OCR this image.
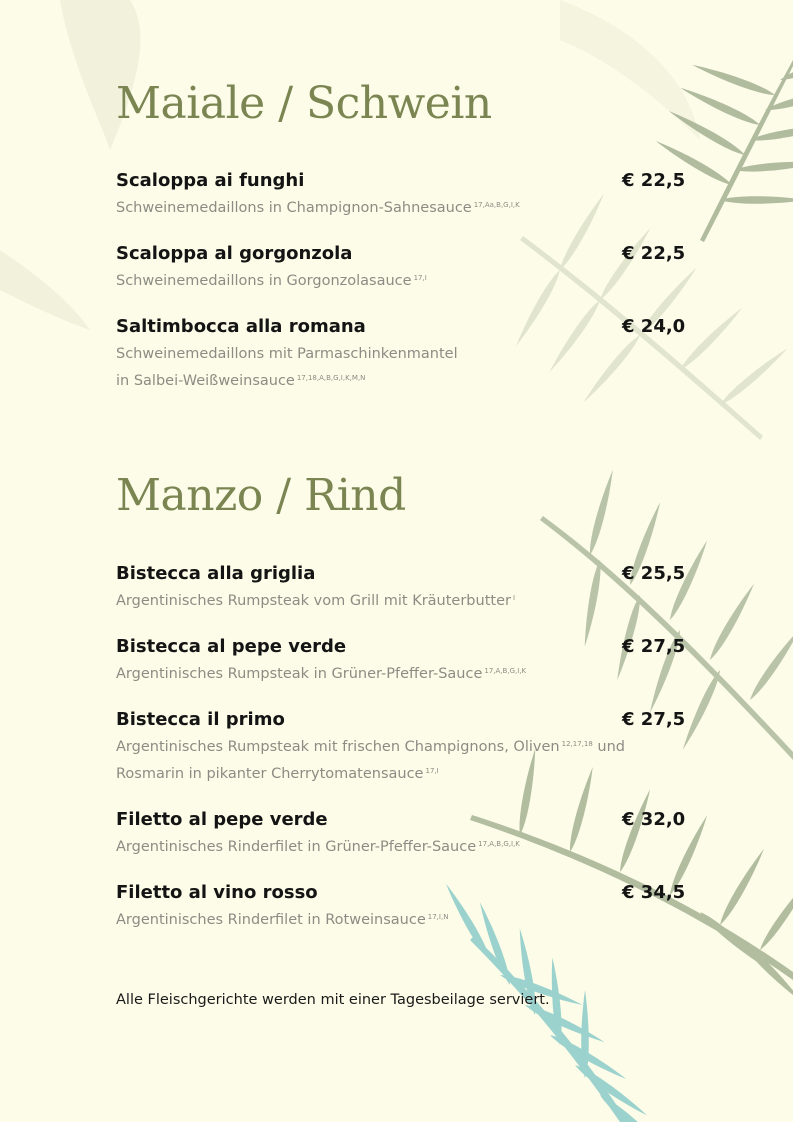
Maiale / Schwein
Scaloppa ai funghi	€ 22,5
Schweinemedaillons in Champignon-Sahnesauce $^{17,Aa,B,G,I,K}$
Scaloppa al gorgonzola	€ 22,5
Schweinemedaillons in Gorgonzolasauce $^{17,I}$
Saltimbocca alla romana	€ 24,0
Schweinemedaillons mit Parmaschinkenmantel
in Salbei-Weißweinsauce $^{17,18,A,B,G,I,K,M,N}$
Manzo / Rind
Bistecca alla griglia	€ 25,5
Argentinisches Rumpsteak vom Grill mit Kräuterbutter $^I$
Bistecca al pepe verde	€ 27,5
Argentinisches Rumpsteak in Grüner-Pfeffer-Sauce $^{17,A,B,G,I,K}$
Bistecca il primo	€ 27,5
Argentinisches Rumpsteak mit frischen Champignons, Oliven $^{12,17,18}$ und
Rosmarin in pikanter Cherrytomatensauce $^{17,I}$
Filetto al pepe verde	€ 32,0
Argentinisches Rinderfilet in Grüner-Pfeffer-Sauce $^{17,A,B,G,I,K}$
Filetto al vino rosso	€ 34,5
Argentinisches Rinderfilet in Rotweinsauce $^{17,I,N}$
Alle Fleischgerichte werden mit einer Tagesbeilage serviert.
